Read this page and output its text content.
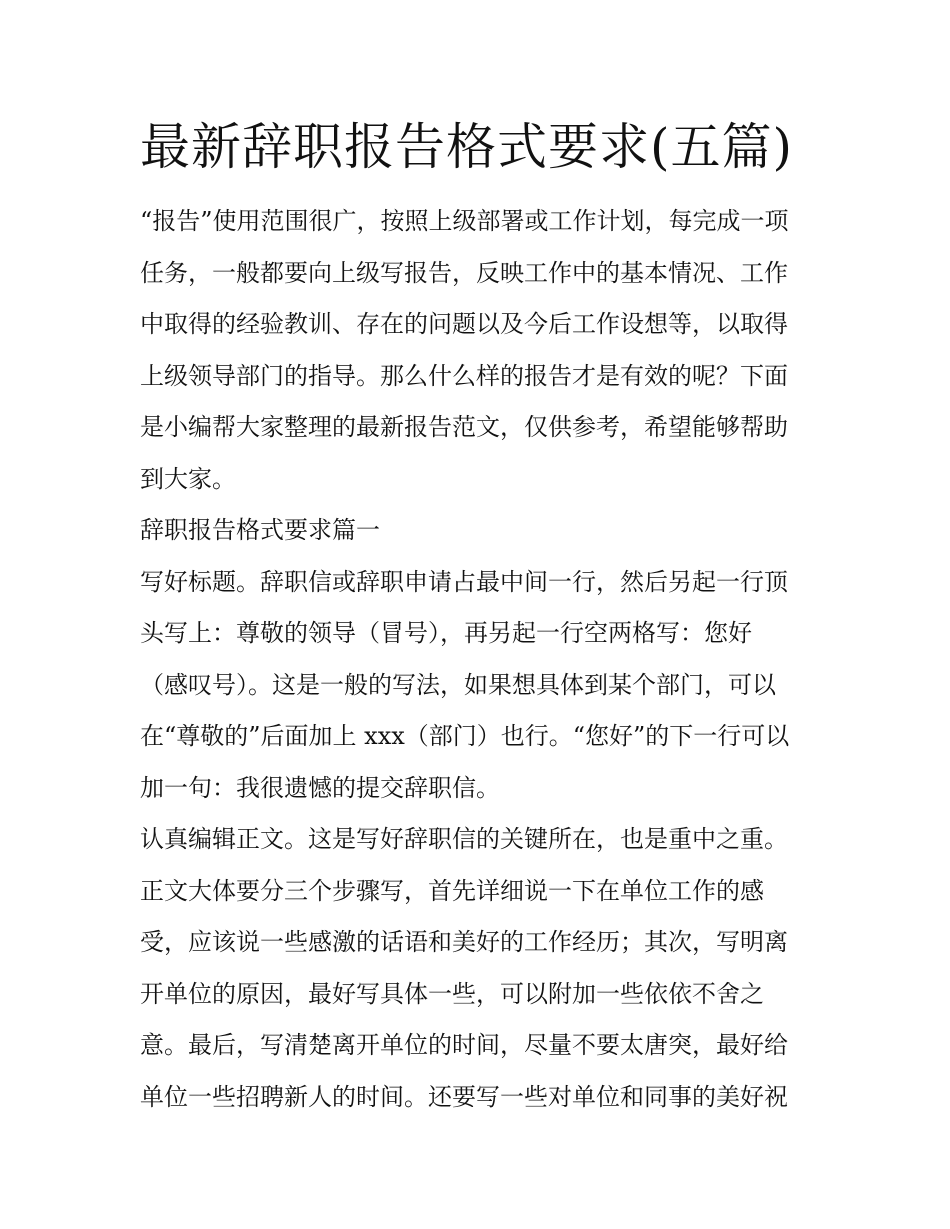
最新辞职报告格式要求(五篇)
“报告”使用范围很广，按照上级部署或工作计划，每完成一项
任务，一般都要向上级写报告，反映工作中的基本情况、工作
中取得的经验教训、存在的问题以及今后工作设想等，以取得
上级领导部门的指导。那么什么样的报告才是有效的呢？下面
是小编帮大家整理的最新报告范文，仅供参考，希望能够帮助
到大家。
辞职报告格式要求篇一
写好标题。辞职信或辞职申请占最中间一行，然后另起一行顶
头写上：尊敬的领导（冒号），再另起一行空两格写：您好
（感叹号）。这是一般的写法，如果想具体到某个部门，可以
在“尊敬的”后面加上 xxx（部门）也行。“您好”的下一行可以
加一句：我很遗憾的提交辞职信。
认真编辑正文。这是写好辞职信的关键所在，也是重中之重。
正文大体要分三个步骤写，首先详细说一下在单位工作的感
受，应该说一些感激的话语和美好的工作经历；其次，写明离
开单位的原因，最好写具体一些，可以附加一些依依不舍之
意。最后，写清楚离开单位的时间，尽量不要太唐突，最好给
单位一些招聘新人的时间。还要写一些对单位和同事的美好祝
